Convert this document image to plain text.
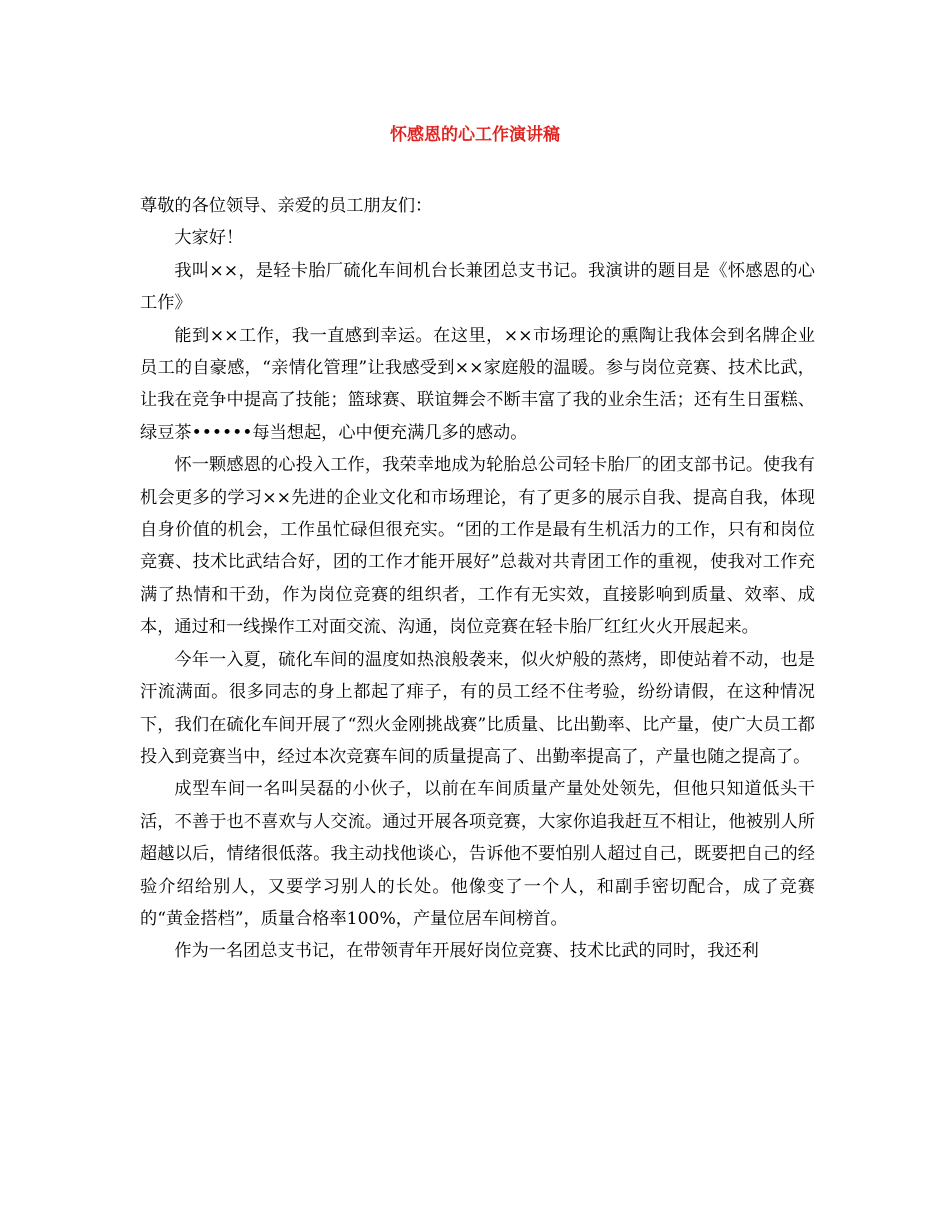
怀感恩的心工作演讲稿

尊敬的各位领导、亲爱的员工朋友们：

大家好！

我叫××，是轻卡胎厂硫化车间机台长兼团总支书记。我演讲的题目是《怀感恩的心工作》

能到××工作，我一直感到幸运。在这里，××市场理论的熏陶让我体会到名牌企业员工的自豪感，“亲情化管理”让我感受到××家庭般的温暖。参与岗位竞赛、技术比武，让我在竞争中提高了技能；篮球赛、联谊舞会不断丰富了我的业余生活；还有生日蛋糕、绿豆茶••••••每当想起，心中便充满几多的感动。

怀一颗感恩的心投入工作，我荣幸地成为轮胎总公司轻卡胎厂的团支部书记。使我有机会更多的学习××先进的企业文化和市场理论，有了更多的展示自我、提高自我，体现自身价值的机会，工作虽忙碌但很充实。“团的工作是最有生机活力的工作，只有和岗位竞赛、技术比武结合好，团的工作才能开展好”总裁对共青团工作的重视，使我对工作充满了热情和干劲，作为岗位竞赛的组织者，工作有无实效，直接影响到质量、效率、成本，通过和一线操作工对面交流、沟通，岗位竞赛在轻卡胎厂红红火火开展起来。

今年一入夏，硫化车间的温度如热浪般袭来，似火炉般的蒸烤，即使站着不动，也是汗流满面。很多同志的身上都起了痱子，有的员工经不住考验，纷纷请假，在这种情况下，我们在硫化车间开展了“烈火金刚挑战赛”比质量、比出勤率、比产量，使广大员工都投入到竞赛当中，经过本次竞赛车间的质量提高了、出勤率提高了，产量也随之提高了。

成型车间一名叫吴磊的小伙子，以前在车间质量产量处处领先，但他只知道低头干活，不善于也不喜欢与人交流。通过开展各项竞赛，大家你追我赶互不相让，他被别人所超越以后，情绪很低落。我主动找他谈心，告诉他不要怕别人超过自己，既要把自己的经验介绍给别人，又要学习别人的长处。他像变了一个人，和副手密切配合，成了竞赛的“黄金搭档”，质量合格率100%，产量位居车间榜首。

作为一名团总支书记，在带领青年开展好岗位竞赛、技术比武的同时，我还利
